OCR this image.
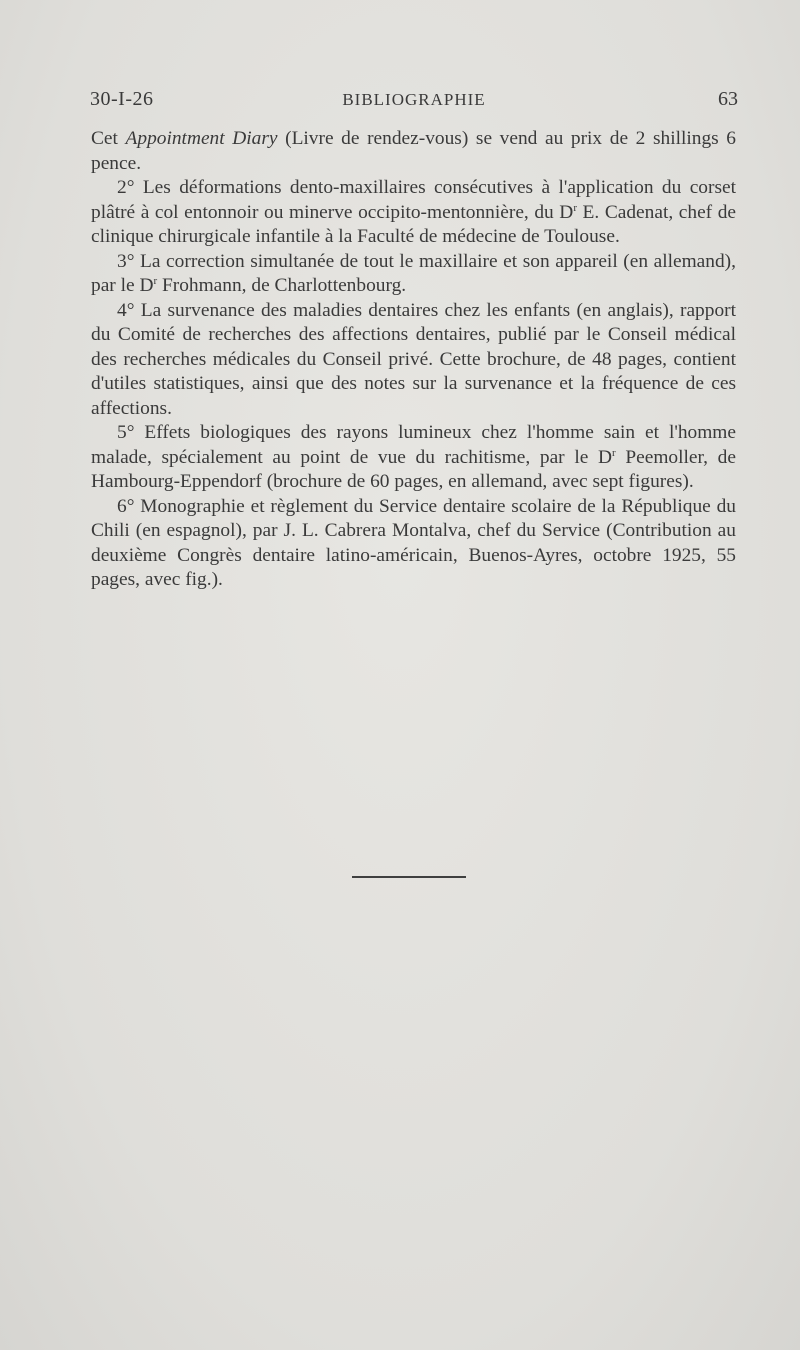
30-I-26	BIBLIOGRAPHIE	63

Cet Appointment Diary (Livre de rendez-vous) se vend au prix de 2 shillings 6 pence.

2° Les déformations dento-maxillaires consécutives à l'application du corset plâtré à col entonnoir ou minerve occipito-mentonnière, du $D^r$ E. Cadenat, chef de clinique chirurgicale infantile à la Faculté de médecine de Toulouse.

3° La correction simultanée de tout le maxillaire et son appareil (en allemand), par le $D^r$ Frohmann, de Charlottenbourg.

4° La survenance des maladies dentaires chez les enfants (en anglais), rapport du Comité de recherches des affections dentaires, publié par le Conseil médical des recherches médicales du Conseil privé. Cette brochure, de 48 pages, contient d'utiles statistiques, ainsi que des notes sur la survenance et la fréquence de ces affections.

5° Effets biologiques des rayons lumineux chez l'homme sain et l'homme malade, spécialement au point de vue du rachitisme, par le $D^r$ Peemoller, de Hambourg-Eppendorf (brochure de 60 pages, en allemand, avec sept figures).

6° Monographie et règlement du Service dentaire scolaire de la République du Chili (en espagnol), par J. L. Cabrera Montalva, chef du Service (Contribution au deuxième Congrès dentaire latino-américain, Buenos-Ayres, octobre 1925, 55 pages, avec fig.).
